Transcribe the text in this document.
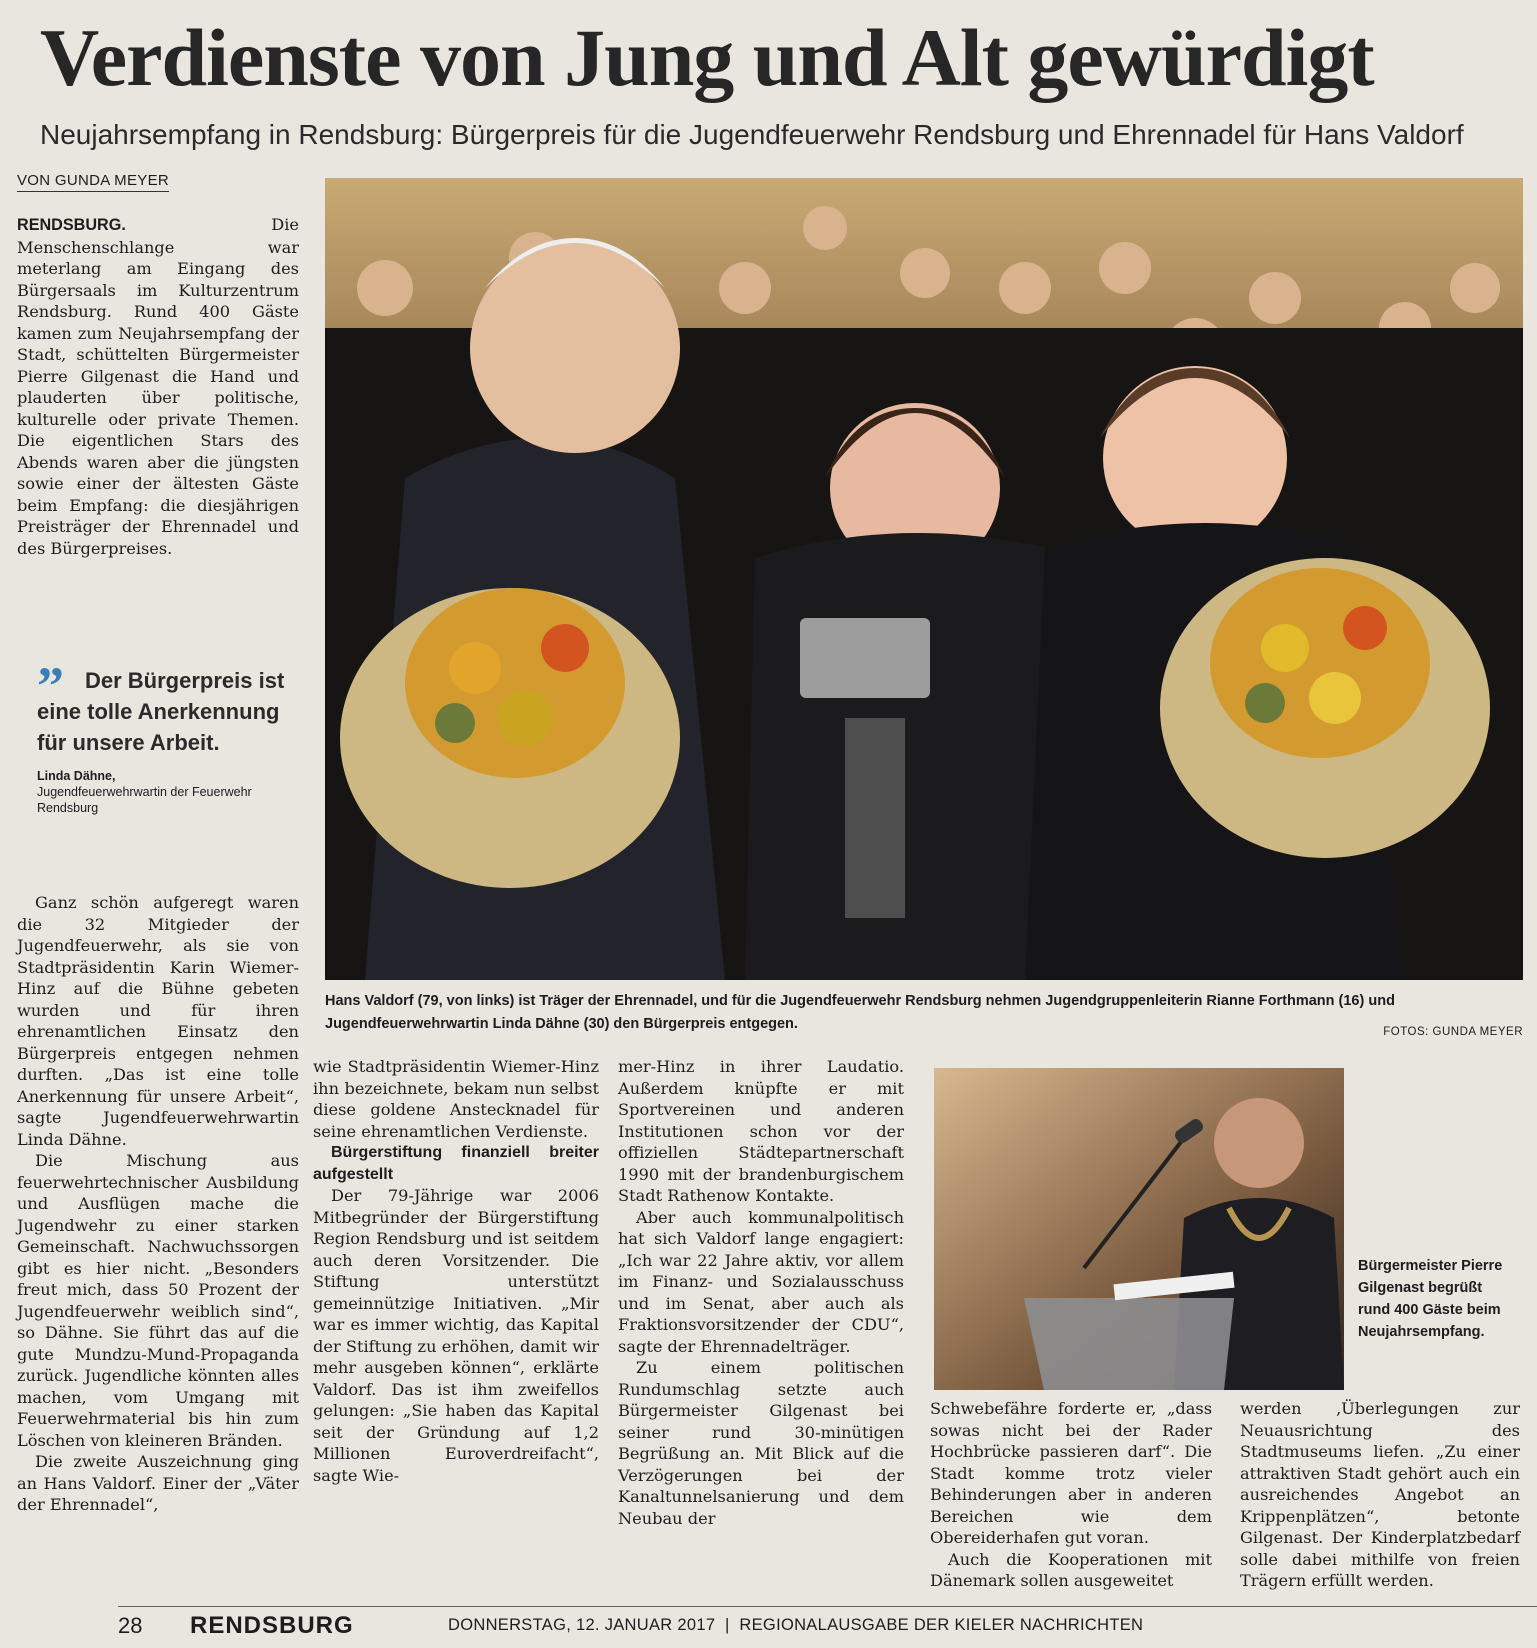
Verdienste von Jung und Alt gewürdigt
Neujahrsempfang in Rendsburg: Bürgerpreis für die Jugendfeuerwehr Rendsburg und Ehrennadel für Hans Valdorf
VON GUNDA MEYER

RENDSBURG. Die Menschenschlange war meterlang am Eingang des Bürgersaals im Kulturzentrum Rendsburg. Rund 400 Gäste kamen zum Neujahrsempfang der Stadt, schüttelten Bürgermeister Pierre Gilgenast die Hand und plauderten über politische, kulturelle oder private Themen. Die eigentlichen Stars des Abends waren aber die jüngsten sowie einer der ältesten Gäste beim Empfang: die diesjährigen Preisträger der Ehrennadel und des Bürgerpreises.

” Der Bürgerpreis ist eine tolle Anerkennung für unsere Arbeit.
Linda Dähne,
Jugendfeuerwehrwartin der Feuerwehr Rendsburg

Ganz schön aufgeregt waren die 32 Mitgieder der Jugendfeuerwehr, als sie von Stadtpräsidentin Karin Wiemer-Hinz auf die Bühne gebeten wurden und für ihren ehrenamtlichen Einsatz den Bürgerpreis entgegen nehmen durften. „Das ist eine tolle Anerkennung für unsere Arbeit“, sagte Jugendfeuerwehrwartin Linda Dähne.

Die Mischung aus feuerwehrtechnischer Ausbildung und Ausflügen mache die Jugendwehr zu einer starken Gemeinschaft. Nachwuchssorgen gibt es hier nicht. „Besonders freut mich, dass 50 Prozent der Jugendfeuerwehr weiblich sind“, so Dähne. Sie führt das auf die gute Mundzu-Mund-Propaganda zurück. Jugendliche könnten alles machen, vom Umgang mit Feuerwehrmaterial bis hin zum Löschen von kleineren Bränden.

Die zweite Auszeichnung ging an Hans Valdorf. Einer der „Väter der Ehrennadel“,

Hans Valdorf (79, von links) ist Träger der Ehrennadel, und für die Jugendfeuerwehr Rendsburg nehmen Jugendgruppenleiterin Rianne Forthmann (16) und Jugendfeuerwehrwartin Linda Dähne (30) den Bürgerpreis entgegen.	FOTOS: GUNDA MEYER

wie Stadtpräsidentin Wiemer-Hinz ihn bezeichnete, bekam nun selbst diese goldene Anstecknadel für seine ehrenamtlichen Verdienste.

Bürgerstiftung finanziell breiter aufgestellt

Der 79-Jährige war 2006 Mitbegründer der Bürgerstiftung Region Rendsburg und ist seitdem auch deren Vorsitzender. Die Stiftung unterstützt gemeinnützige Initiativen. „Mir war es immer wichtig, das Kapital der Stiftung zu erhöhen, damit wir mehr ausgeben können“, erklärte Valdorf. Das ist ihm zweifellos gelungen: „Sie haben das Kapital seit der Gründung auf 1,2 Millionen Euroverdreifacht“, sagte Wie-

mer-Hinz in ihrer Laudatio. Außerdem knüpfte er mit Sportvereinen und anderen Institutionen schon vor der offiziellen Städtepartnerschaft 1990 mit der brandenburgischem Stadt Rathenow Kontakte.

Aber auch kommunalpolitisch hat sich Valdorf lange engagiert: „Ich war 22 Jahre aktiv, vor allem im Finanz- und Sozialausschuss und im Senat, aber auch als Fraktionsvorsitzender der CDU“, sagte der Ehrennadelträger.

Zu einem politischen Rundumschlag setzte auch Bürgermeister Gilgenast bei seiner rund 30-minütigen Begrüßung an. Mit Blick auf die Verzögerungen bei der Kanaltunnelsanierung und dem Neubau der

Bürgermeister Pierre Gilgenast begrüßt rund 400 Gäste beim Neujahrsempfang.

Schwebefähre forderte er, „dass sowas nicht bei der Rader Hochbrücke passieren darf“. Die Stadt komme trotz vieler Behinderungen aber in anderen Bereichen wie dem Obereiderhafen gut voran.

Auch die Kooperationen mit Dänemark sollen ausgeweitet

werden ‚Überlegungen zur Neuausrichtung des Stadtmuseums liefen. „Zu einer attraktiven Stadt gehört auch ein ausreichendes Angebot an Krippenplätzen“, betonte Gilgenast. Der Kinderplatzbedarf solle dabei mithilfe von freien Trägern erfüllt werden.

28 RENDSBURG	DONNERSTAG, 12. JANUAR 2017  |  REGIONALAUSGABE DER KIELER NACHRICHTEN
